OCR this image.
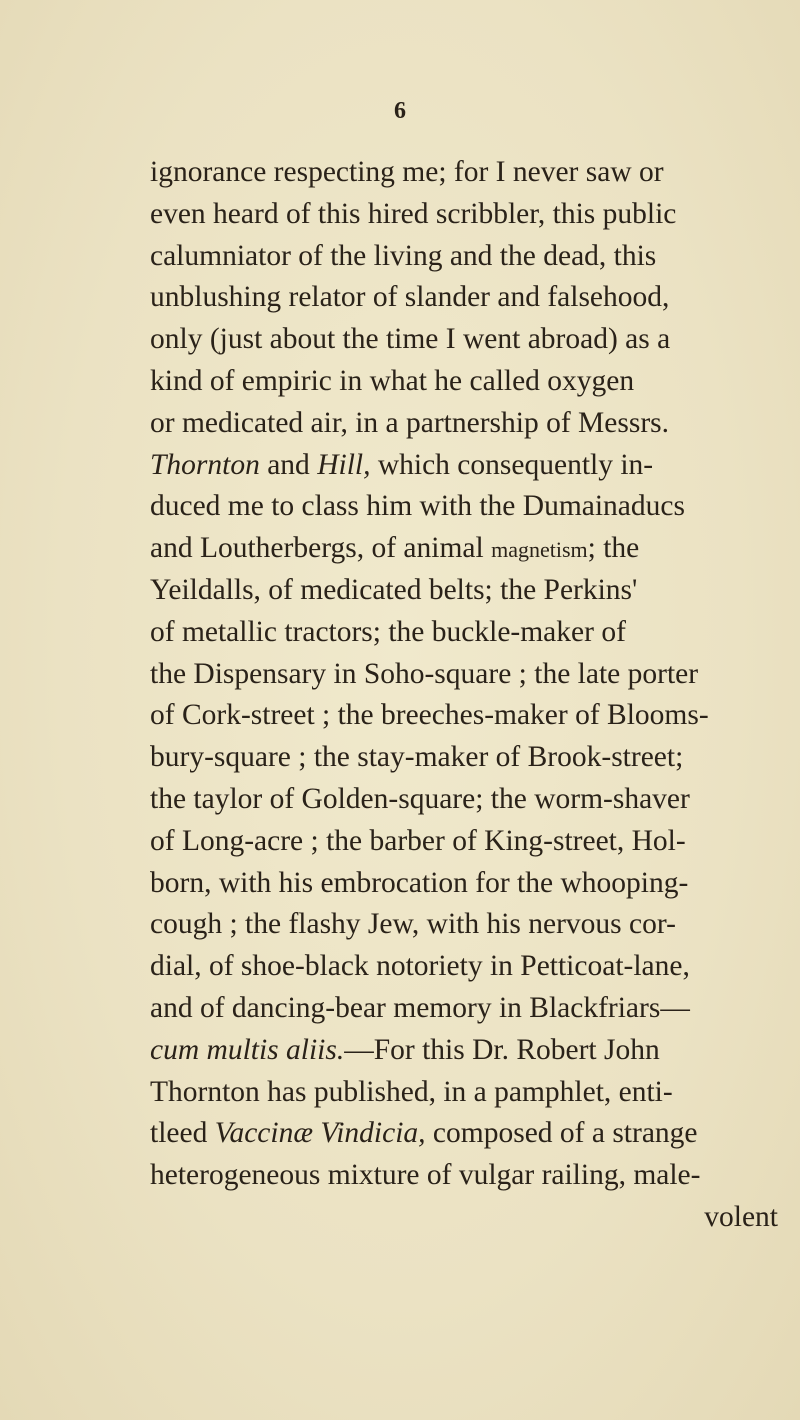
6
ignorance respecting me; for I never saw or
even heard of this hired scribbler, this public
calumniator of the living and the dead, this
unblushing relator of slander and falsehood,
only (just about the time I went abroad) as a
kind of empiric in what he called oxygen
or medicated air, in a partnership of Messrs.
Thornton and Hill, which consequently in-
duced me to class him with the Dumainaducs
and Loutherbergs, of animal magnetism; the
Yeildalls, of medicated belts; the Perkins'
of metallic tractors; the buckle-maker of
the Dispensary in Soho-square ; the late porter
of Cork-street ; the breeches-maker of Blooms-
bury-square ; the stay-maker of Brook-street;
the taylor of Golden-square; the worm-shaver
of Long-acre ; the barber of King-street, Hol-
born, with his embrocation for the whooping-
cough ; the flashy Jew, with his nervous cor-
dial, of shoe-black notoriety in Petticoat-lane,
and of dancing-bear memory in Blackfriars—
cum multis aliis.—For this Dr. Robert John
Thornton has published, in a pamphlet, enti-
tleed Vaccinæ Vindicia, composed of a strange
heterogeneous mixture of vulgar railing, male-
volent
